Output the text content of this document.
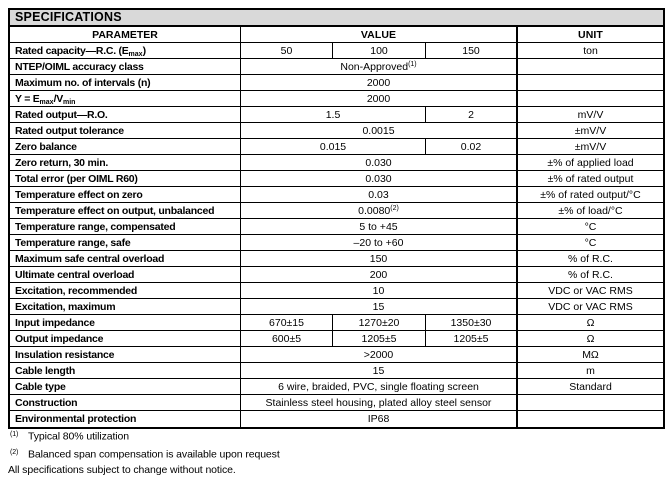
SPECIFICATIONS
PARAMETER	VALUE	UNIT
Rated capacity—R.C. $(E_{max})$	50	100	150	ton
NTEP/OIML accuracy class	Non-Approved$^{(1)}$
Maximum no. of intervals (n)	2000
$Y = E_{max}/V_{min}$	2000
Rated output—R.O.	1.5	2	mV/V
Rated output tolerance	0.0015	±mV/V
Zero balance	0.015	0.02	±mV/V
Zero return, 30 min.	0.030	±% of applied load
Total error (per OIML R60)	0.030	±% of rated output
Temperature effect on zero	0.03	±% of rated output/°C
Temperature effect on output, unbalanced	$0.0080^{(2)}$	±% of load/°C
Temperature range, compensated	5 to +45	°C
Temperature range, safe	–20 to +60	°C
Maximum safe central overload	150	% of R.C.
Ultimate central overload	200	% of R.C.
Excitation, recommended	10	VDC or VAC RMS
Excitation, maximum	15	VDC or VAC RMS
Input impedance	670±15	1270±20	1350±30	Ω
Output impedance	600±5	1205±5	1205±5	Ω
Insulation resistance	>2000	MΩ
Cable length	15	m
Cable type	6 wire, braided, PVC, single floating screen	Standard
Construction	Stainless steel housing, plated alloy steel sensor
Environmental protection	IP68
(1) Typical 80% utilization
(2) Balanced span compensation is available upon request
All specifications subject to change without notice.
